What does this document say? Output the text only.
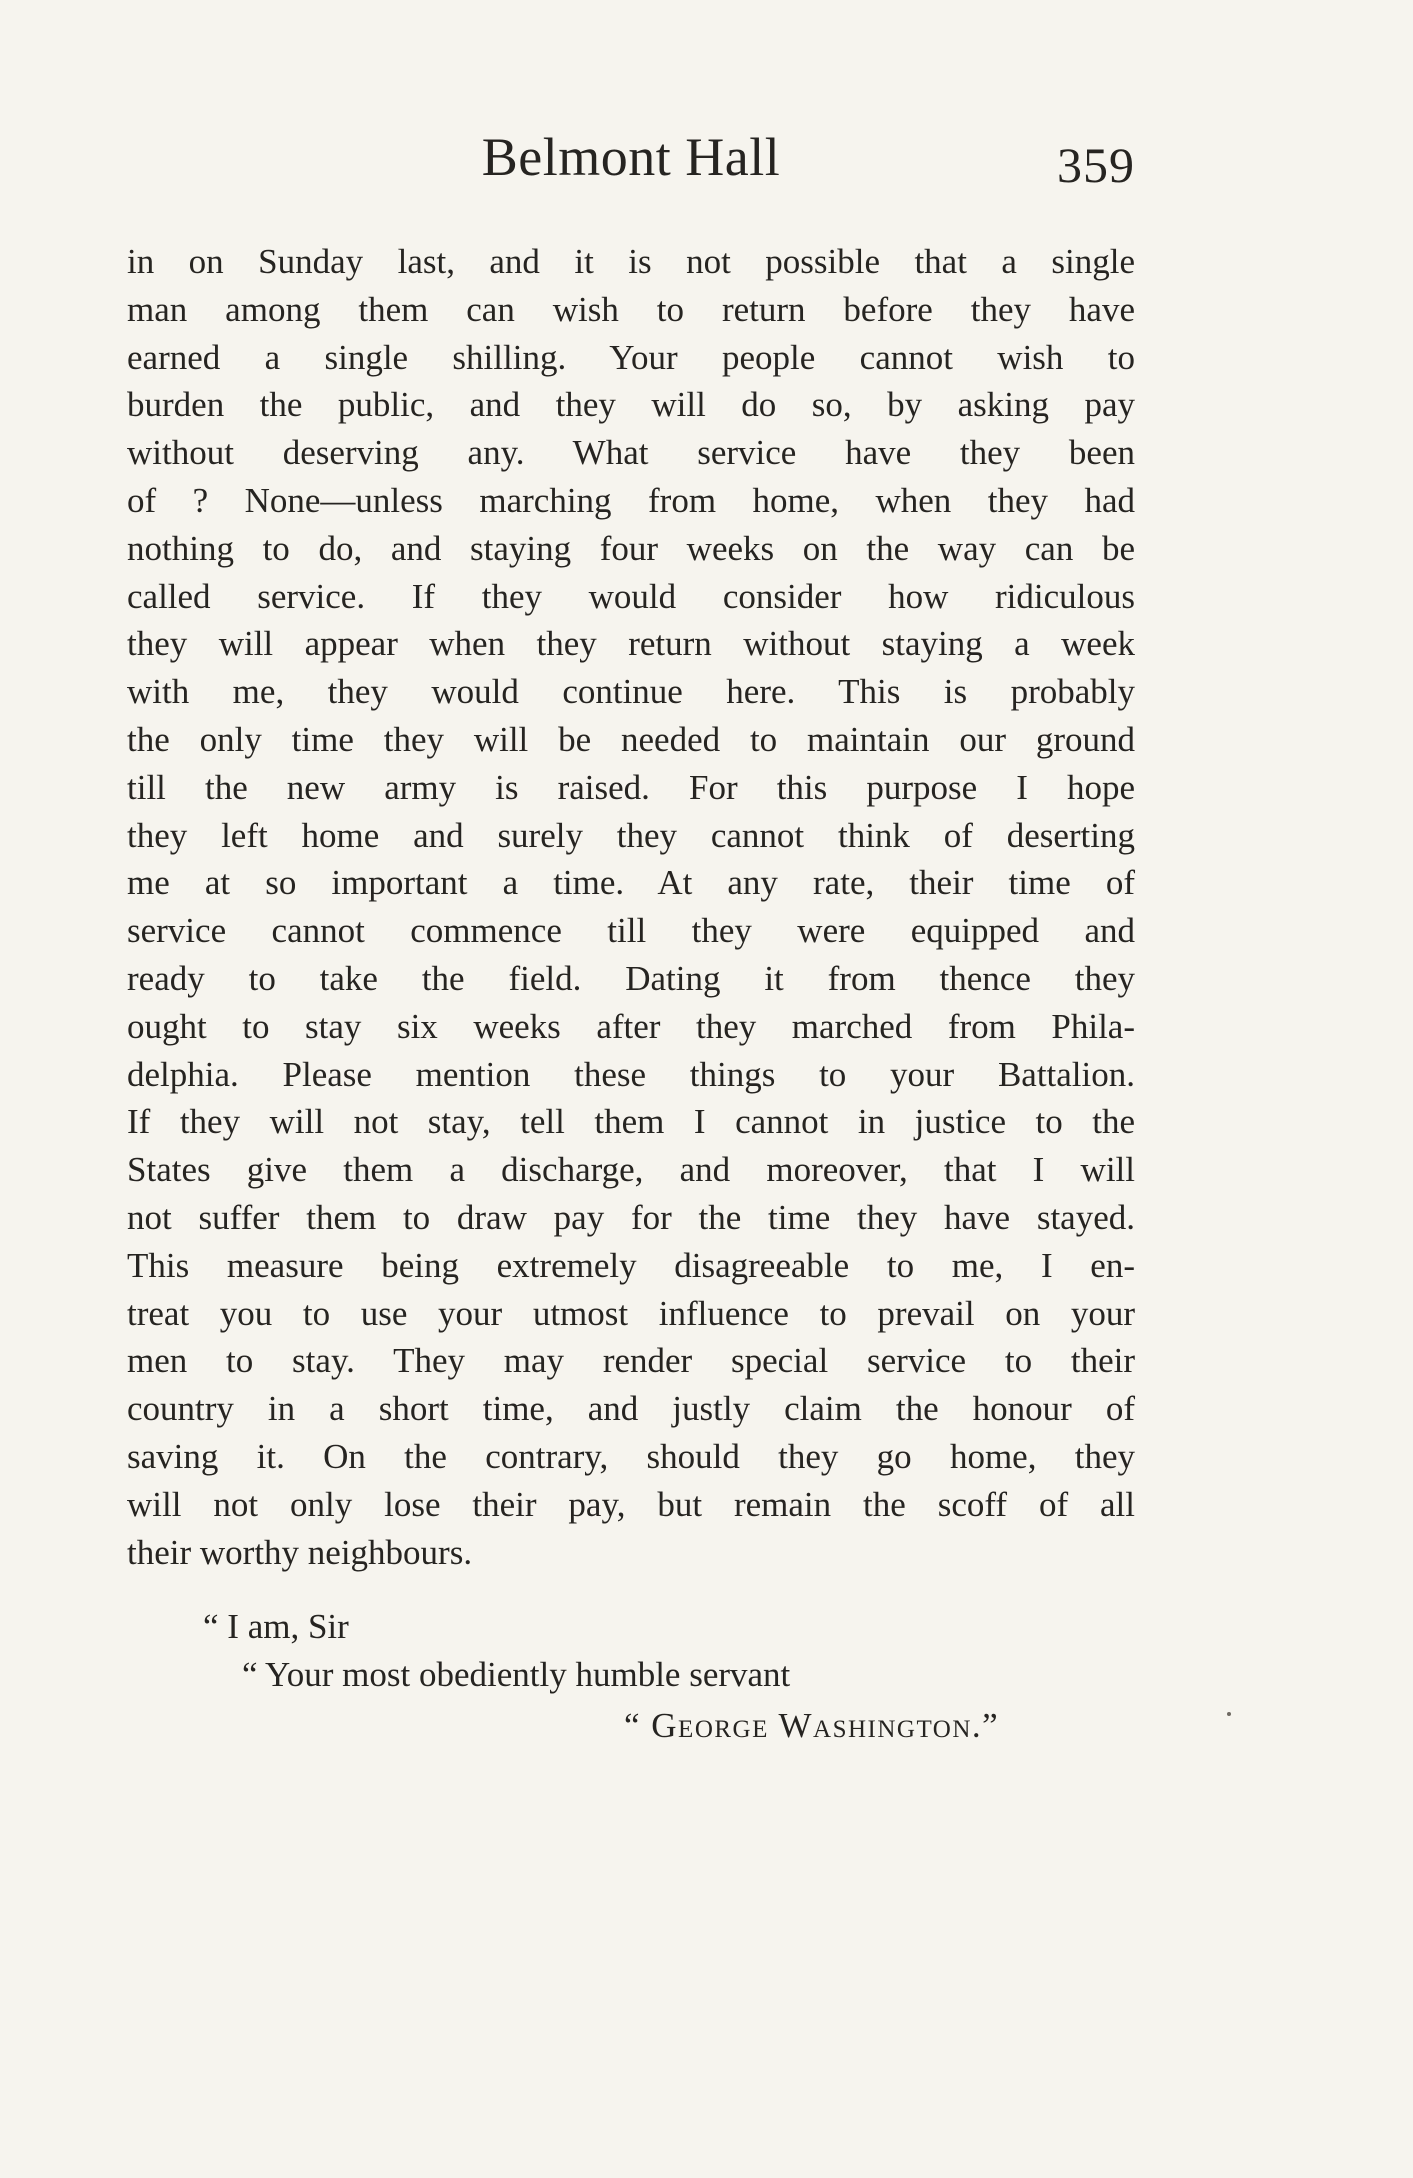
Belmont Hall	359
in on Sunday last, and it is not possible that a single
man among them can wish to return before they have
earned a single shilling. Your people cannot wish to
burden the public, and they will do so, by asking pay
without deserving any. What service have they been
of ? None—unless marching from home, when they had
nothing to do, and staying four weeks on the way can be
called service. If they would consider how ridiculous
they will appear when they return without staying a week
with me, they would continue here. This is probably
the only time they will be needed to maintain our ground
till the new army is raised. For this purpose I hope
they left home and surely they cannot think of deserting
me at so important a time. At any rate, their time of
service cannot commence till they were equipped and
ready to take the field. Dating it from thence they
ought to stay six weeks after they marched from Phila-
delphia. Please mention these things to your Battalion.
If they will not stay, tell them I cannot in justice to the
States give them a discharge, and moreover, that I will
not suffer them to draw pay for the time they have stayed.
This measure being extremely disagreeable to me, I en-
treat you to use your utmost influence to prevail on your
men to stay. They may render special service to their
country in a short time, and justly claim the honour of
saving it. On the contrary, should they go home, they
will not only lose their pay, but remain the scoff of all
their worthy neighbours.
“ I am, Sir
“ Your most obediently humble servant
“ George Washington.”
